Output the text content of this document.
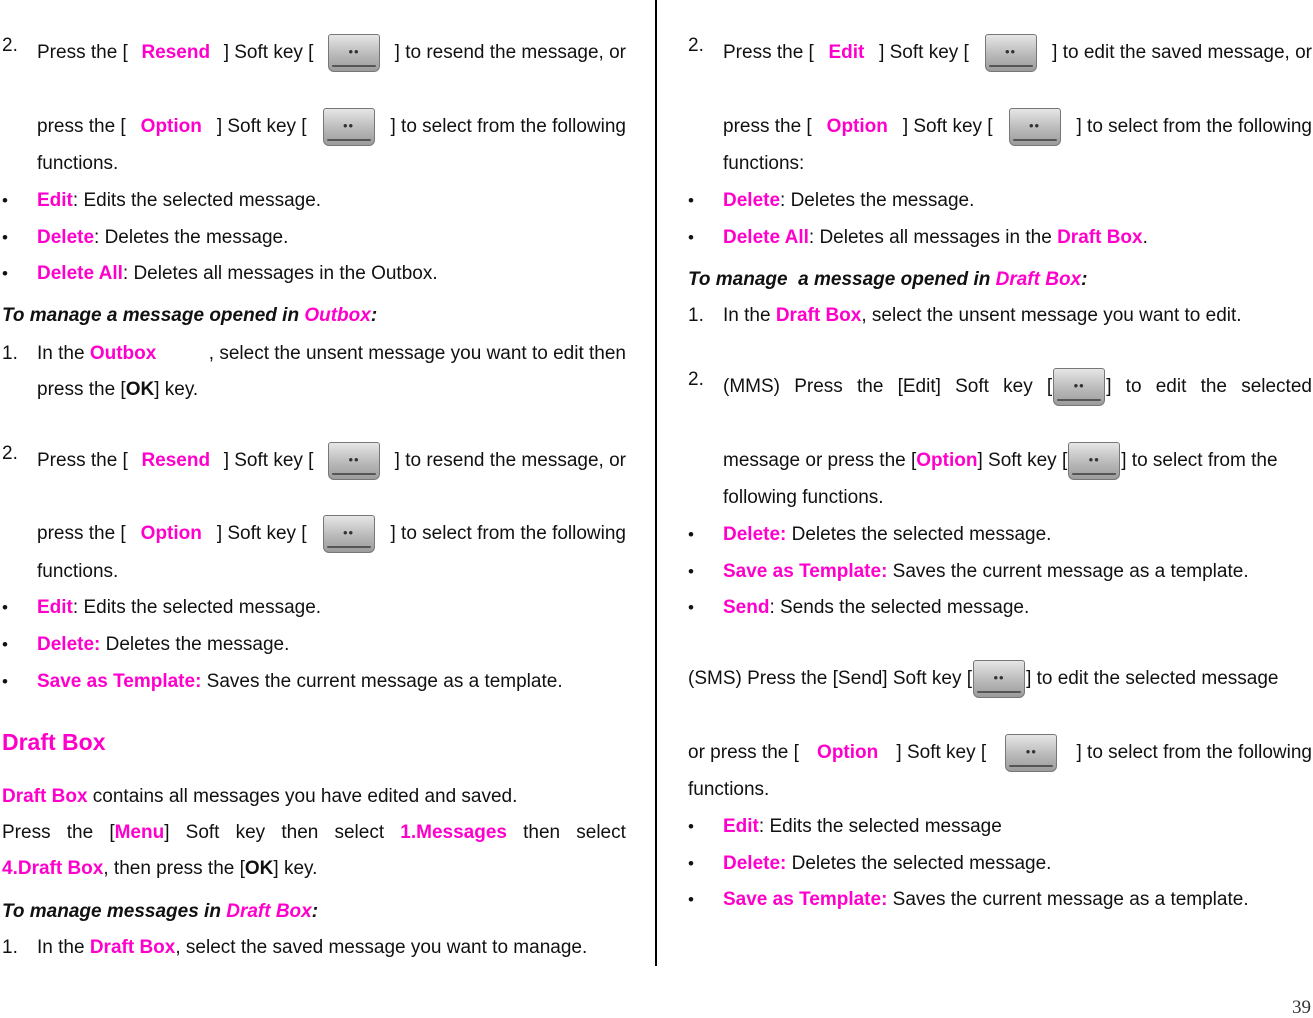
2. Press the [ Resend ] Soft key [ ••	] to resend the message, or
press the [ Option ] Soft key [ ••	] to select from the following
functions.
• Edit: Edits the selected message.
• Delete: Deletes the message.
• Delete All: Deletes all messages in the Outbox.
To manage a message opened in Outbox:
1. In the Outbox	, select the unsent message you want to edit then
press the [OK] key.
2. Press the [ Resend ] Soft key [ ••	] to resend the message, or
press the [ Option ] Soft key [ ••	] to select from the following
functions.
• Edit: Edits the selected message.
• Delete: Deletes the message.
• Save as Template: Saves the current message as a template.
Draft Box
Draft Box contains all messages you have edited and saved.
Press the [Menu] Soft key then select 1.Messages then select
4.Draft Box, then press the [OK] key.
To manage messages in Draft Box:
1. In the Draft Box, select the saved message you want to manage.
2. Press the [ Edit ] Soft key [ ••	] to edit the saved message, or
press the [ Option ] Soft key [ ••	] to select from the following
functions:
• Delete: Deletes the message.
• Delete All: Deletes all messages in the Draft Box.
To manage  a message opened in Draft Box:
1. In the Draft Box, select the unsent message you want to edit.
2. (MMS) Press the [Edit] Soft key [ ••	] to edit the selected
message or press the [Option] Soft key [ ••	] to select from the
following functions.
• Delete: Deletes the selected message.
• Save as Template: Saves the current message as a template.
• Send: Sends the selected message.
(SMS) Press the [Send] Soft key [ ••	] to edit the selected message
or press the [ Option ] Soft key [ ••	] to select from the following
functions.
• Edit: Edits the selected message
• Delete: Deletes the selected message.
• Save as Template: Saves the current message as a template.
39
